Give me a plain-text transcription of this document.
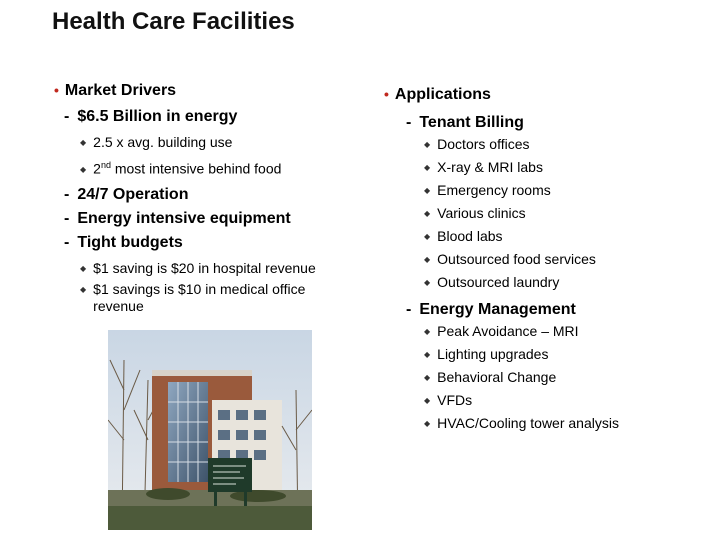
Health Care Facilities
• Market Drivers
- $6.5 Billion in energy
◆ 2.5 x avg. building use
◆ 2nd most intensive behind food
- 24/7 Operation
- Energy intensive equipment
- Tight budgets
◆ $1 saving is $20 in hospital revenue
◆ $1 savings is $10 in medical office
revenue
• Applications
- Tenant Billing
◆ Doctors offices
◆ X-ray & MRI labs
◆ Emergency rooms
◆ Various clinics
◆ Blood labs
◆ Outsourced food services
◆ Outsourced laundry
- Energy Management
◆ Peak Avoidance – MRI
◆ Lighting upgrades
◆ Behavioral Change
◆ VFDs
◆ HVAC/Cooling tower analysis
